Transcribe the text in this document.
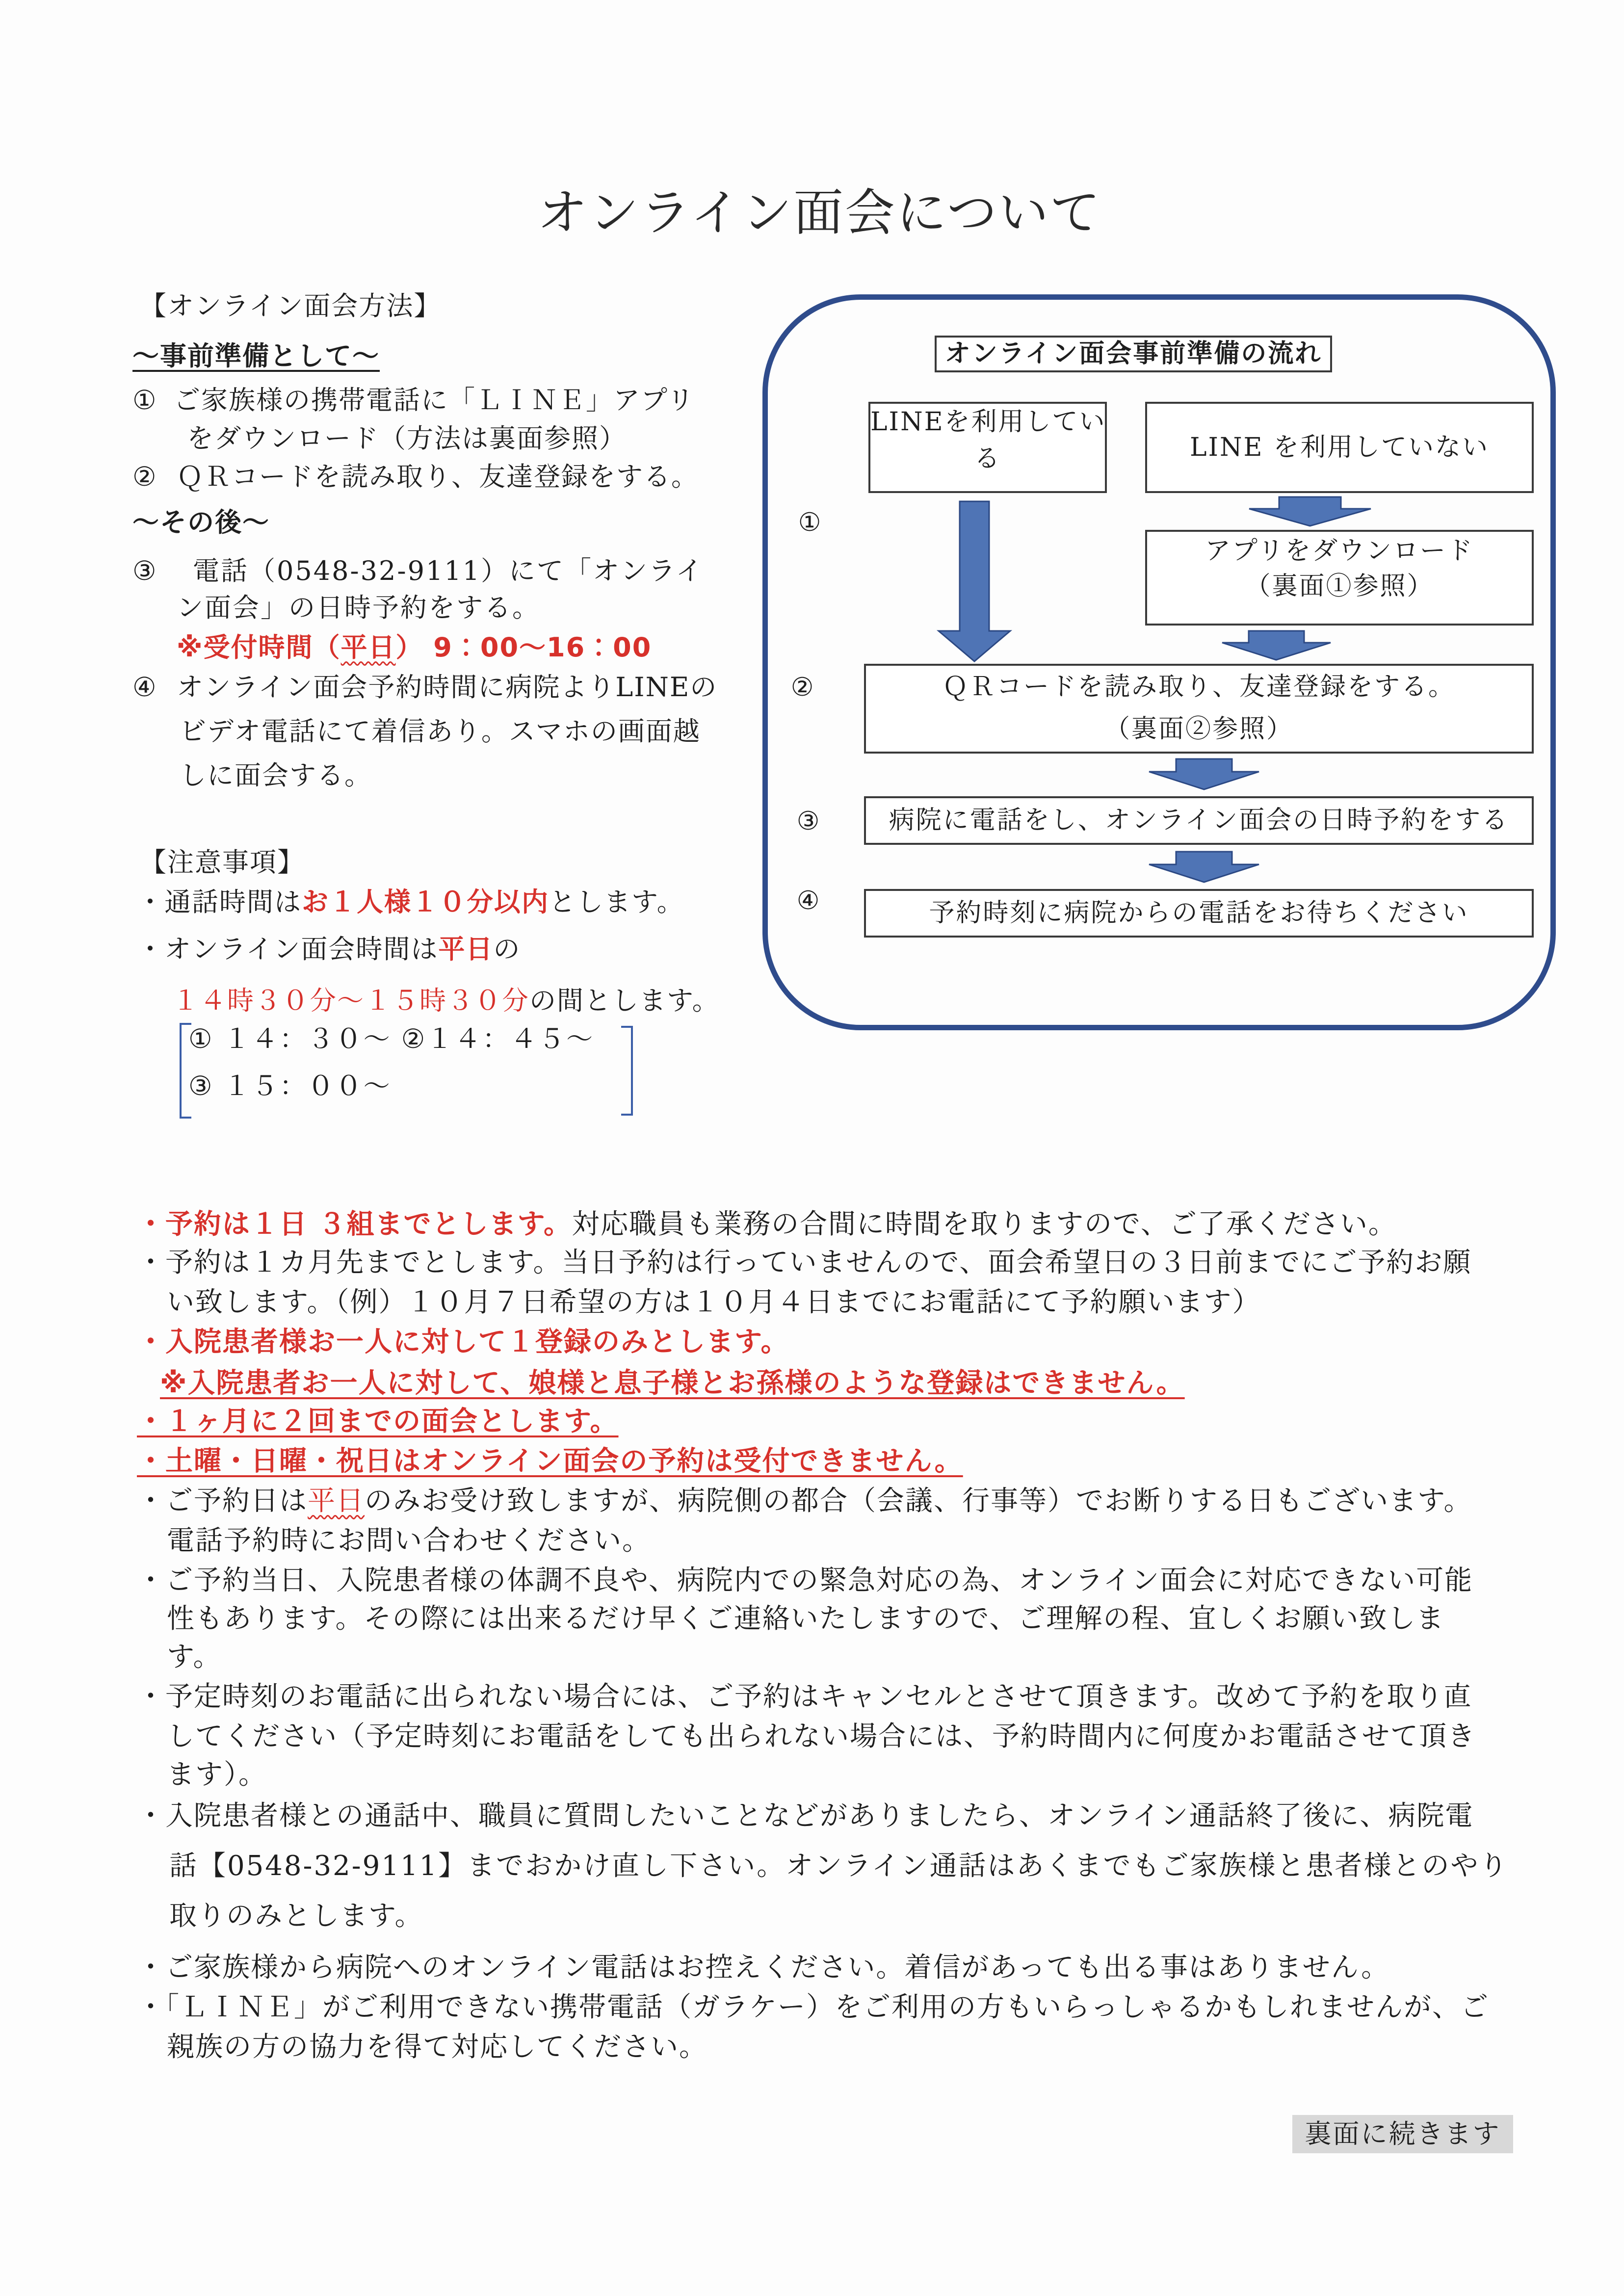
オンライン面会について
【オンライン面会方法】
～事前準備として～
① ご家族様の携帯電話に「ＬＩＮＥ」アプリ
をダウンロード（方法は裏面参照）
② ＱＲコードを読み取り、友達登録をする。
～その後～
③ 電話（0548-32-9111）にて「オンライ
ン面会」の日時予約をする。
※受付時間（平日） 9：00～16：00
④ オンライン面会予約時間に病院よりLINEの
ビデオ電話にて着信あり。スマホの画面越
しに面会する。
【注意事項】
・通話時間はお１人様１０分以内とします。
・オンライン面会時間は平日の
１４時３０分～１５時３０分の間とします。
① １４：３０～ ②１４：４５～
③ １５：００～
オンライン面会事前準備の流れ
LINEを利用してい
る	LINE を利用していない
①
アプリをダウンロード
（裏面①参照）
②	ＱＲコードを読み取り、友達登録をする。
（裏面②参照）
③	病院に電話をし、オンライン面会の日時予約をする
④	予約時刻に病院からの電話をお待ちください
・予約は１日 ３組までとします。対応職員も業務の合間に時間を取りますので、ご了承ください。
・予約は１カ月先までとします。当日予約は行っていませんので、面会希望日の３日前までにご予約お願
い致します。（例）１０月７日希望の方は１０月４日までにお電話にて予約願います）
・入院患者様お一人に対して１登録のみとします。
※入院患者お一人に対して、娘様と息子様とお孫様のような登録はできません。
・１ヶ月に２回までの面会とします。
・土曜・日曜・祝日はオンライン面会の予約は受付できません。
・ご予約日は平日のみお受け致しますが、病院側の都合（会議、行事等）でお断りする日もございます。
電話予約時にお問い合わせください。
・ご予約当日、入院患者様の体調不良や、病院内での緊急対応の為、オンライン面会に対応できない可能
性もあります。その際には出来るだけ早くご連絡いたしますので、ご理解の程、宜しくお願い致しま
す。
・予定時刻のお電話に出られない場合には、ご予約はキャンセルとさせて頂きます。改めて予約を取り直
してください（予定時刻にお電話をしても出られない場合には、予約時間内に何度かお電話させて頂き
ます）。
・入院患者様との通話中、職員に質問したいことなどがありましたら、オンライン通話終了後に、病院電
話【0548-32-9111】までおかけ直し下さい。オンライン通話はあくまでもご家族様と患者様とのやり
取りのみとします。
・ご家族様から病院へのオンライン電話はお控えください。着信があっても出る事はありません。
・「ＬＩＮＥ」がご利用できない携帯電話（ガラケー）をご利用の方もいらっしゃるかもしれませんが、ご
親族の方の協力を得て対応してください。
裏面に続きます
